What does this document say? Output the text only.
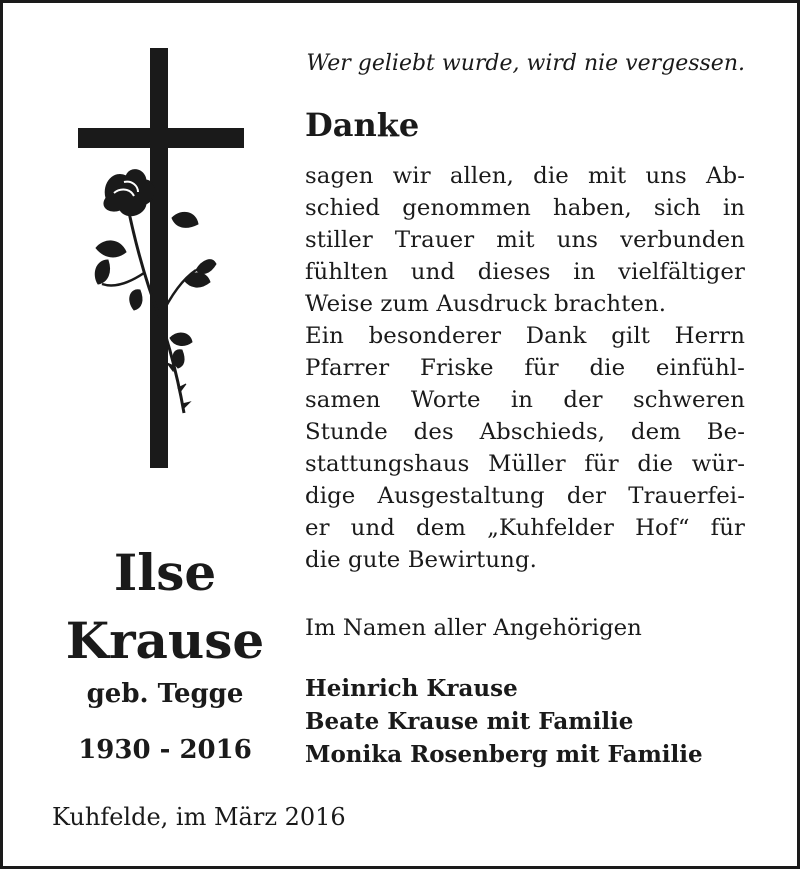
Ilse
Krause
geb. Tegge
1930 - 2016
Kuhfelde, im März 2016
Wer geliebt wurde, wird nie vergessen.
Danke
sagen wir allen, die mit uns Ab-
schied genommen haben, sich in
stiller Trauer mit uns verbunden
fühlten und dieses in vielfältiger
Weise zum Ausdruck brachten.
Ein besonderer Dank gilt Herrn
Pfarrer Friske für die einfühl-
samen Worte in der schweren
Stunde des Abschieds, dem Be-
stattungshaus Müller für die wür-
dige Ausgestaltung der Trauerfei-
er und dem „Kuhfelder Hof“ für
die gute Bewirtung.
Im Namen aller Angehörigen
Heinrich Krause
Beate Krause mit Familie
Monika Rosenberg mit Familie
